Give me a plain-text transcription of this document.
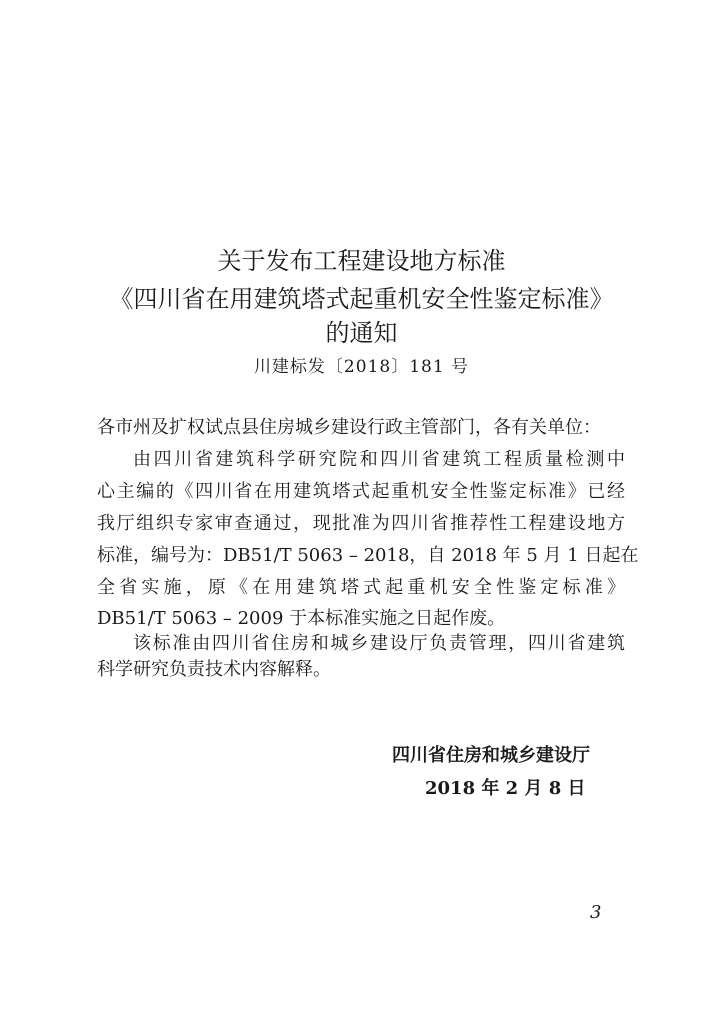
关于发布工程建设地方标准
《四川省在用建筑塔式起重机安全性鉴定标准》
的通知
川建标发〔2018〕181 号
各市州及扩权试点县住房城乡建设行政主管部门，各有关单位：
由四川省建筑科学研究院和四川省建筑工程质量检测中
心主编的《四川省在用建筑塔式起重机安全性鉴定标准》已经
我厅组织专家审查通过，现批准为四川省推荐性工程建设地方
标准，编号为：DB51/T 5063 – 2018，自 2018 年 5 月 1 日起在
全省实施，原《在用建筑塔式起重机安全性鉴定标准》
DB51/T 5063 – 2009 于本标准实施之日起作废。
该标准由四川省住房和城乡建设厅负责管理，四川省建筑
科学研究负责技术内容解释。
四川省住房和城乡建设厅
2018 年 2 月 8 日
3
